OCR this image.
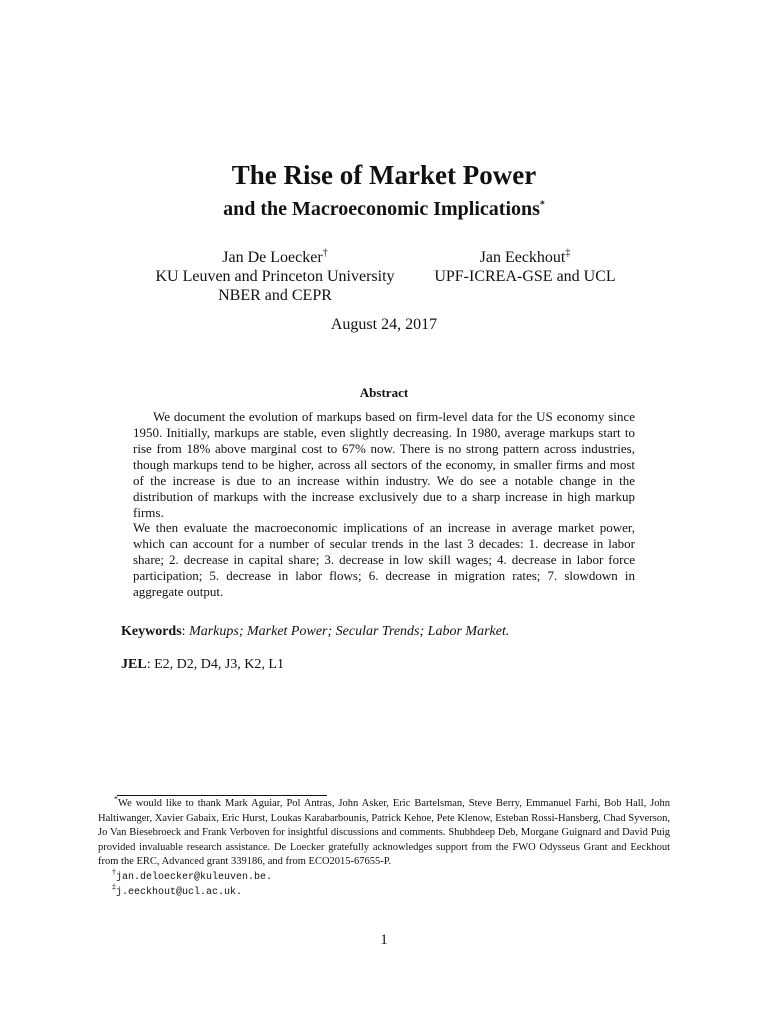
The Rise of Market Power
and the Macroeconomic Implications*
Jan De Loecker†
KU Leuven and Princeton University
NBER and CEPR
Jan Eeckhout‡
UPF-ICREA-GSE and UCL
August 24, 2017
Abstract

We document the evolution of markups based on firm-level data for the US economy since 1950. Initially, markups are stable, even slightly decreasing. In 1980, average markups start to rise from 18% above marginal cost to 67% now. There is no strong pattern across industries, though markups tend to be higher, across all sectors of the economy, in smaller firms and most of the increase is due to an increase within industry. We do see a notable change in the distribution of markups with the increase exclusively due to a sharp increase in high markup firms.

We then evaluate the macroeconomic implications of an increase in average market power, which can account for a number of secular trends in the last 3 decades: 1. decrease in labor share; 2. decrease in capital share; 3. decrease in low skill wages; 4. decrease in labor force participation; 5. decrease in labor flows; 6. decrease in migration rates; 7. slowdown in aggregate output.

Keywords: Markups; Market Power; Secular Trends; Labor Market.
JEL: E2, D2, D4, J3, K2, L1

*We would like to thank Mark Aguiar, Pol Antras, John Asker, Eric Bartelsman, Steve Berry, Emmanuel Farhi, Bob Hall, John Haltiwanger, Xavier Gabaix, Eric Hurst, Loukas Karabarbounis, Patrick Kehoe, Pete Klenow, Esteban Rossi-Hansberg, Chad Syverson, Jo Van Biesebroeck and Frank Verboven for insightful discussions and comments. Shubhdeep Deb, Morgane Guignard and David Puig provided invaluable research assistance. De Loecker gratefully acknowledges support from the FWO Odysseus Grant and Eeckhout from the ERC, Advanced grant 339186, and from ECO2015-67655-P.

†jan.deloecker@kuleuven.be.

‡j.eeckhout@ucl.ac.uk.

1
